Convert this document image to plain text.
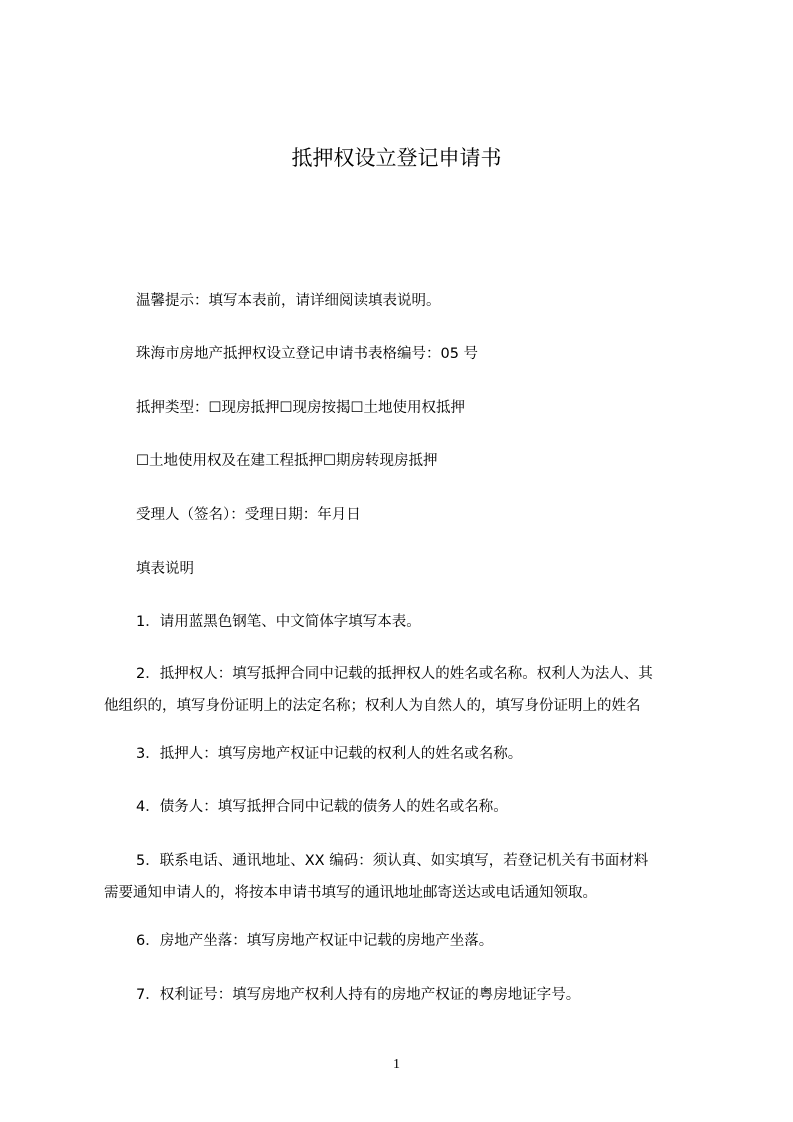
抵押权设立登记申请书
温馨提示：填写本表前，请详细阅读填表说明。
珠海市房地产抵押权设立登记申请书表格编号：05 号
抵押类型：☐现房抵押☐现房按揭☐土地使用权抵押
☐土地使用权及在建工程抵押☐期房转现房抵押
受理人（签名）：受理日期：年月日
填表说明
1．请用蓝黑色钢笔、中文简体字填写本表。
2．抵押权人：填写抵押合同中记载的抵押权人的姓名或名称。权利人为法人、其
他组织的，填写身份证明上的法定名称；权利人为自然人的，填写身份证明上的姓名
3．抵押人：填写房地产权证中记载的权利人的姓名或名称。
4．债务人：填写抵押合同中记载的债务人的姓名或名称。
5．联系电话、通讯地址、XX 编码：须认真、如实填写，若登记机关有书面材料
需要通知申请人的，将按本申请书填写的通讯地址邮寄送达或电话通知领取。
6．房地产坐落：填写房地产权证中记载的房地产坐落。
7．权利证号：填写房地产权利人持有的房地产权证的粤房地证字号。
1
